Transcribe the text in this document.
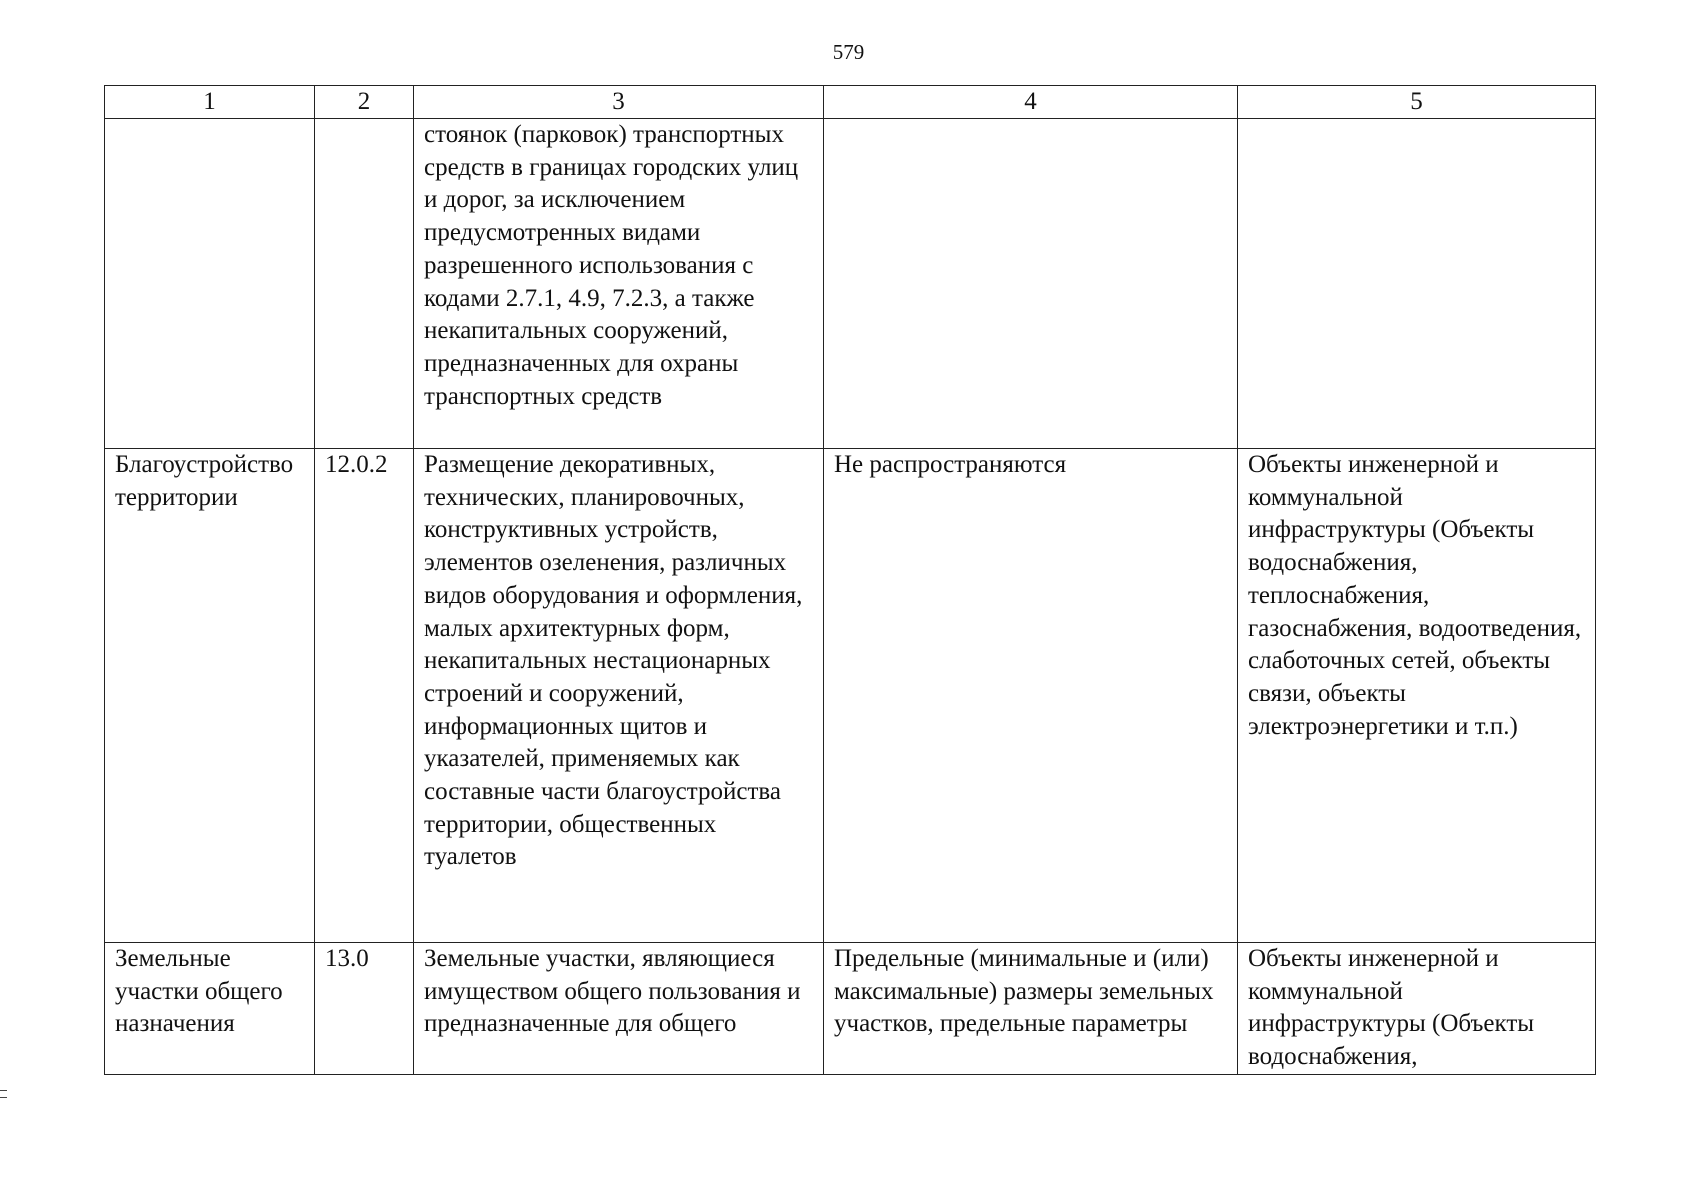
579
1	2	3	4	5
		стоянок (парковок) транспортных средств в границах городских улиц и дорог, за исключением предусмотренных видами разрешенного использования с кодами 2.7.1, 4.9, 7.2.3, а также некапитальных сооружений, предназначенных для охраны транспортных средств		
Благоустройство территории	12.0.2	Размещение декоративных, технических, планировочных, конструктивных устройств, элементов озеленения, различных видов оборудования и оформления, малых архитектурных форм, некапитальных нестационарных строений и сооружений, информационных щитов и указателей, применяемых как составные части благоустройства территории, общественных туалетов	Не распространяются	Объекты инженерной и коммунальной инфраструктуры (Объекты водоснабжения, теплоснабжения, газоснабжения, водоотведения, слаботочных сетей, объекты связи, объекты электроэнергетики и т.п.)

Земельные участки общего назначения	13.0	Земельные участки, являющиеся имуществом общего пользования и предназначенные для общего	Предельные (минимальные и (или) максимальные) размеры земельных участков, предельные параметры	Объекты инженерной и коммунальной инфраструктуры (Объекты водоснабжения,
